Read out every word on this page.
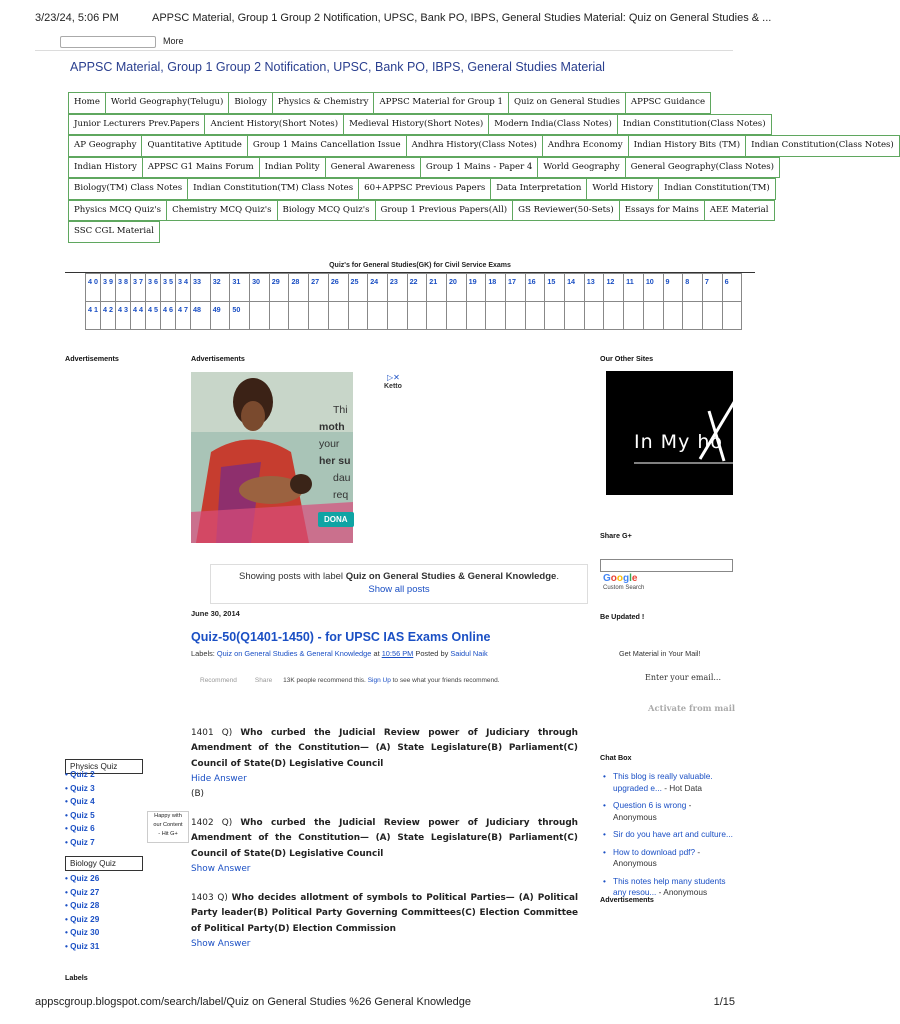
3/23/24, 5:06 PM	APPSC Material, Group 1 Group 2 Notification, UPSC, Bank PO, IBPS, General Studies Material: Quiz on General Studies & ...
More
APPSC Material, Group 1 Group 2 Notification, UPSC, Bank PO, IBPS, General Studies Material
Home	World Geography(Telugu)	Biology	Physics & Chemistry	APPSC Material for Group 1	Quiz on General Studies	APPSC Guidance
Junior Lecturers Prev.Papers	Ancient History(Short Notes)	Medieval History(Short Notes)	Modern India(Class Notes)	Indian Constitution(Class Notes)
AP Geography	Quantitative Aptitude	Group 1 Mains Cancellation Issue	Andhra History(Class Notes)	Andhra Economy	Indian History Bits (TM)	Indian Constitution(Class Notes)
Indian History	APPSC G1 Mains Forum	Indian Polity	General Awareness	Group 1 Mains - Paper 4	World Geography	General Geography(Class Notes)
Biology(TM) Class Notes	Indian Constitution(TM) Class Notes	60+APPSC Previous Papers	Data Interpretation	World History	Indian Constitution(TM)
Physics MCQ Quiz's	Chemistry MCQ Quiz's	Biology MCQ Quiz's	Group 1 Previous Papers(All)	GS Reviewer(50-Sets)	Essays for Mains	AEE Material
SSC CGL Material
Quiz's for General Studies(GK) for Civil Service Exams
4 0	3 9	3 8	3 7	3 6	3 5	3 4	33	32	31	30	29	28	27	26	25	24	23	22	21	20	19	18	17	16	15	14	13	12	11	10	9	8	7	6
4 1	4 2	4 3	4 4	4 5	4 6	4 7	48	49	50																									
Advertisements	Advertisements	Our Other Sites
▷✕
Ketto
Thi
moth
your
her su
dau
req
DONA
Showing posts with label Quiz on General Studies & General Knowledge.
Show all posts
June 30, 2014
Quiz-50(Q1401-1450) - for UPSC IAS Exams Online
Labels: Quiz on General Studies & General Knowledge at 10:56 PM Posted by Saidul Naik
Recommend	Share 13K people recommend this. Sign Up to see what your friends recommend.
1401 Q) Who curbed the Judicial Review power of Judiciary through Amendment of the Constitution— (A) State Legislature(B) Parliament(C) Council of State(D) Legislative Council
Hide Answer
(B)
1402 Q) Who curbed the Judicial Review power of Judiciary through Amendment of the Constitution— (A) State Legislature(B) Parliament(C) Council of State(D) Legislative Council
Show Answer
1403 Q) Who decides allotment of symbols to Political Parties— (A) Political Party leader(B) Political Party Governing Committees(C) Election Committee of Political Party(D) Election Commission
Show Answer
Physics Quiz
• Quiz 2
• Quiz 3
• Quiz 4
• Quiz 5
• Quiz 6
• Quiz 7
Biology Quiz
• Quiz 26
• Quiz 27
• Quiz 28
• Quiz 29
• Quiz 30
• Quiz 31
Labels
Happy with
our Content
- Hit G+
In My ho
Share G+
Google
Custom Search
Be Updated !
Get Material in Your Mail!
Enter your email...
Activate from mail
Chat Box
• This blog is really valuable. upgraded e... - Hot Data
• Question 6 is wrong - Anonymous
• Sir do you have art and culture...
• How to download pdf? - Anonymous
• This notes help many students any resou... - Anonymous
Advertisements
appscgroup.blogspot.com/search/label/Quiz on General Studies %26 General Knowledge	1/15
